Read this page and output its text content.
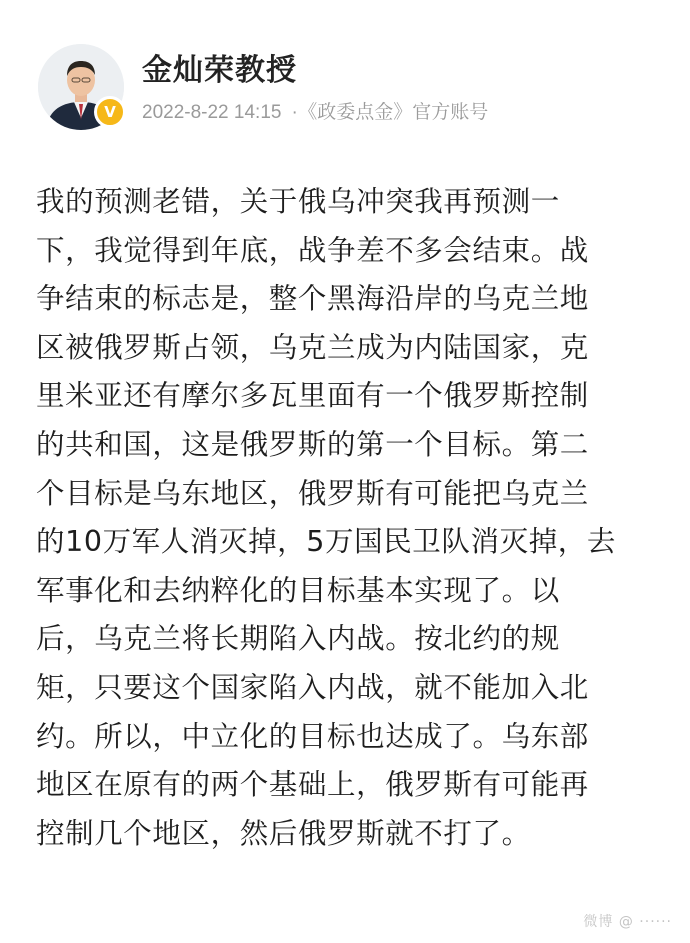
V
金灿荣教授
2022-8-22 14:15 · 《政委点金》官方账号
我的预测老错，关于俄乌冲突我再预测一
下，我觉得到年底，战争差不多会结束。战
争结束的标志是，整个黑海沿岸的乌克兰地
区被俄罗斯占领，乌克兰成为内陆国家，克
里米亚还有摩尔多瓦里面有一个俄罗斯控制
的共和国，这是俄罗斯的第一个目标。第二
个目标是乌东地区，俄罗斯有可能把乌克兰
的10万军人消灭掉，5万国民卫队消灭掉，去
军事化和去纳粹化的目标基本实现了。以
后，乌克兰将长期陷入内战。按北约的规
矩，只要这个国家陷入内战，就不能加入北
约。所以，中立化的目标也达成了。乌东部
地区在原有的两个基础上，俄罗斯有可能再
控制几个地区，然后俄罗斯就不打了。
微博 @ ······
